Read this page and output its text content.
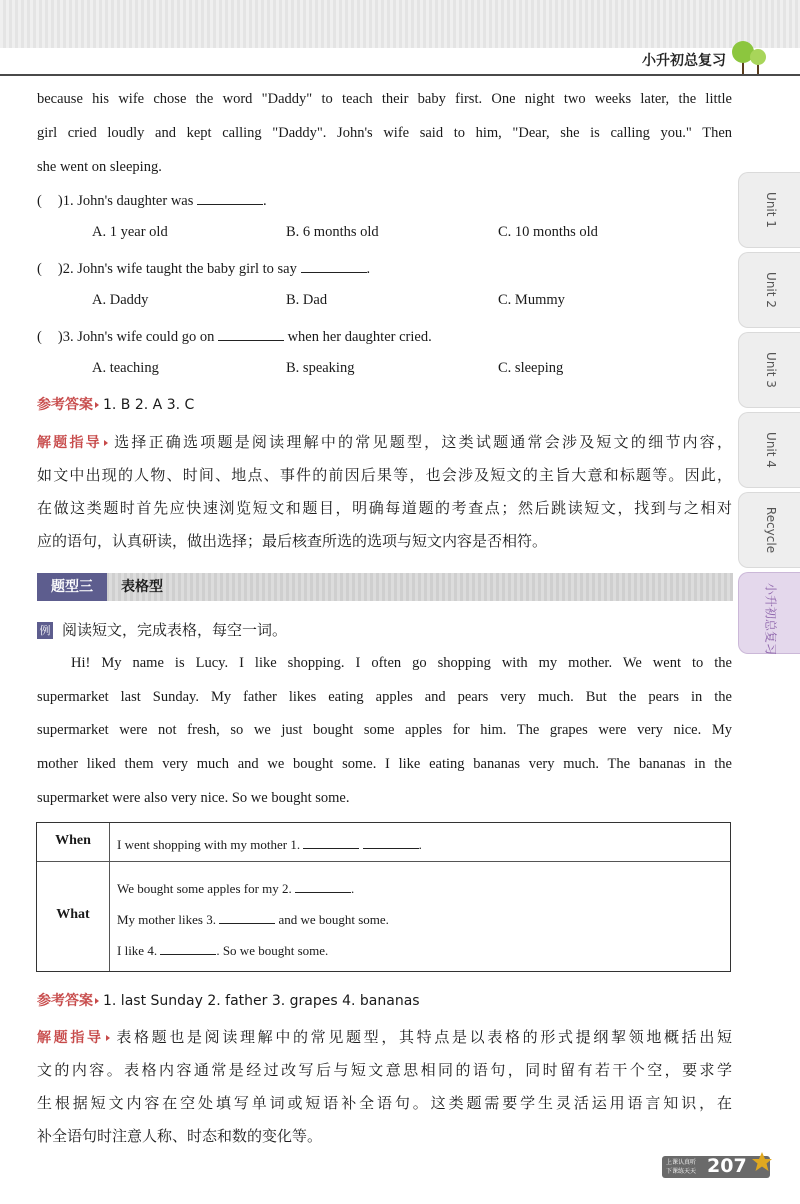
小升初总复习
Unit 1
Unit 2
Unit 3
Unit 4
Recycle
小升初总复习
because his wife chose the word "Daddy" to teach their baby first. One night two weeks later, the little
girl cried loudly and kept calling "Daddy". John's wife said to him, "Dear, she is calling you." Then
she went on sleeping.
( )1. John's daughter was	.
A. 1 year old	B. 6 months old	C. 10 months old
( )2. John's wife taught the baby girl to say	.
A. Daddy	B. Dad	C. Mummy
( )3. John's wife could go on	when her daughter cried.
A. teaching	B. speaking	C. sleeping
参考答案 1. B 2. A 3. C
解题指导 选择正确选项题是阅读理解中的常见题型，这类试题通常会涉及短文的细节内容，
如文中出现的人物、时间、地点、事件的前因后果等，也会涉及短文的主旨大意和标题等。因此，
在做这类题时首先应快速浏览短文和题目，明确每道题的考查点；然后跳读短文，找到与之相对
应的语句，认真研读，做出选择；最后核查所选的选项与短文内容是否相符。
题型三	表格型
例 阅读短文，完成表格，每空一词。
Hi! My name is Lucy. I like shopping. I often go shopping with my mother. We went to the
supermarket last Sunday. My father likes eating apples and pears very much. But the pears in the
supermarket were not fresh, so we just bought some apples for him. The grapes were very nice. My
mother liked them very much and we bought some. I like eating bananas very much. The bananas in the
supermarket were also very nice. So we bought some.
When	I went shopping with my mother 1.	.
What
We bought some apples for my 2.	.
My mother likes 3.	and we bought some.
I like 4.	. So we bought some.
参考答案 1. last Sunday 2. father 3. grapes 4. bananas
解题指导 表格题也是阅读理解中的常见题型，其特点是以表格的形式提纲挈领地概括出短
文的内容。表格内容通常是经过改写后与短文意思相同的语句，同时留有若干个空，要求学
生根据短文内容在空处填写单词或短语补全语句。这类题需要学生灵活运用语言知识，在
补全语句时注意人称、时态和数的变化等。
上课认真听
下课练天天 207
